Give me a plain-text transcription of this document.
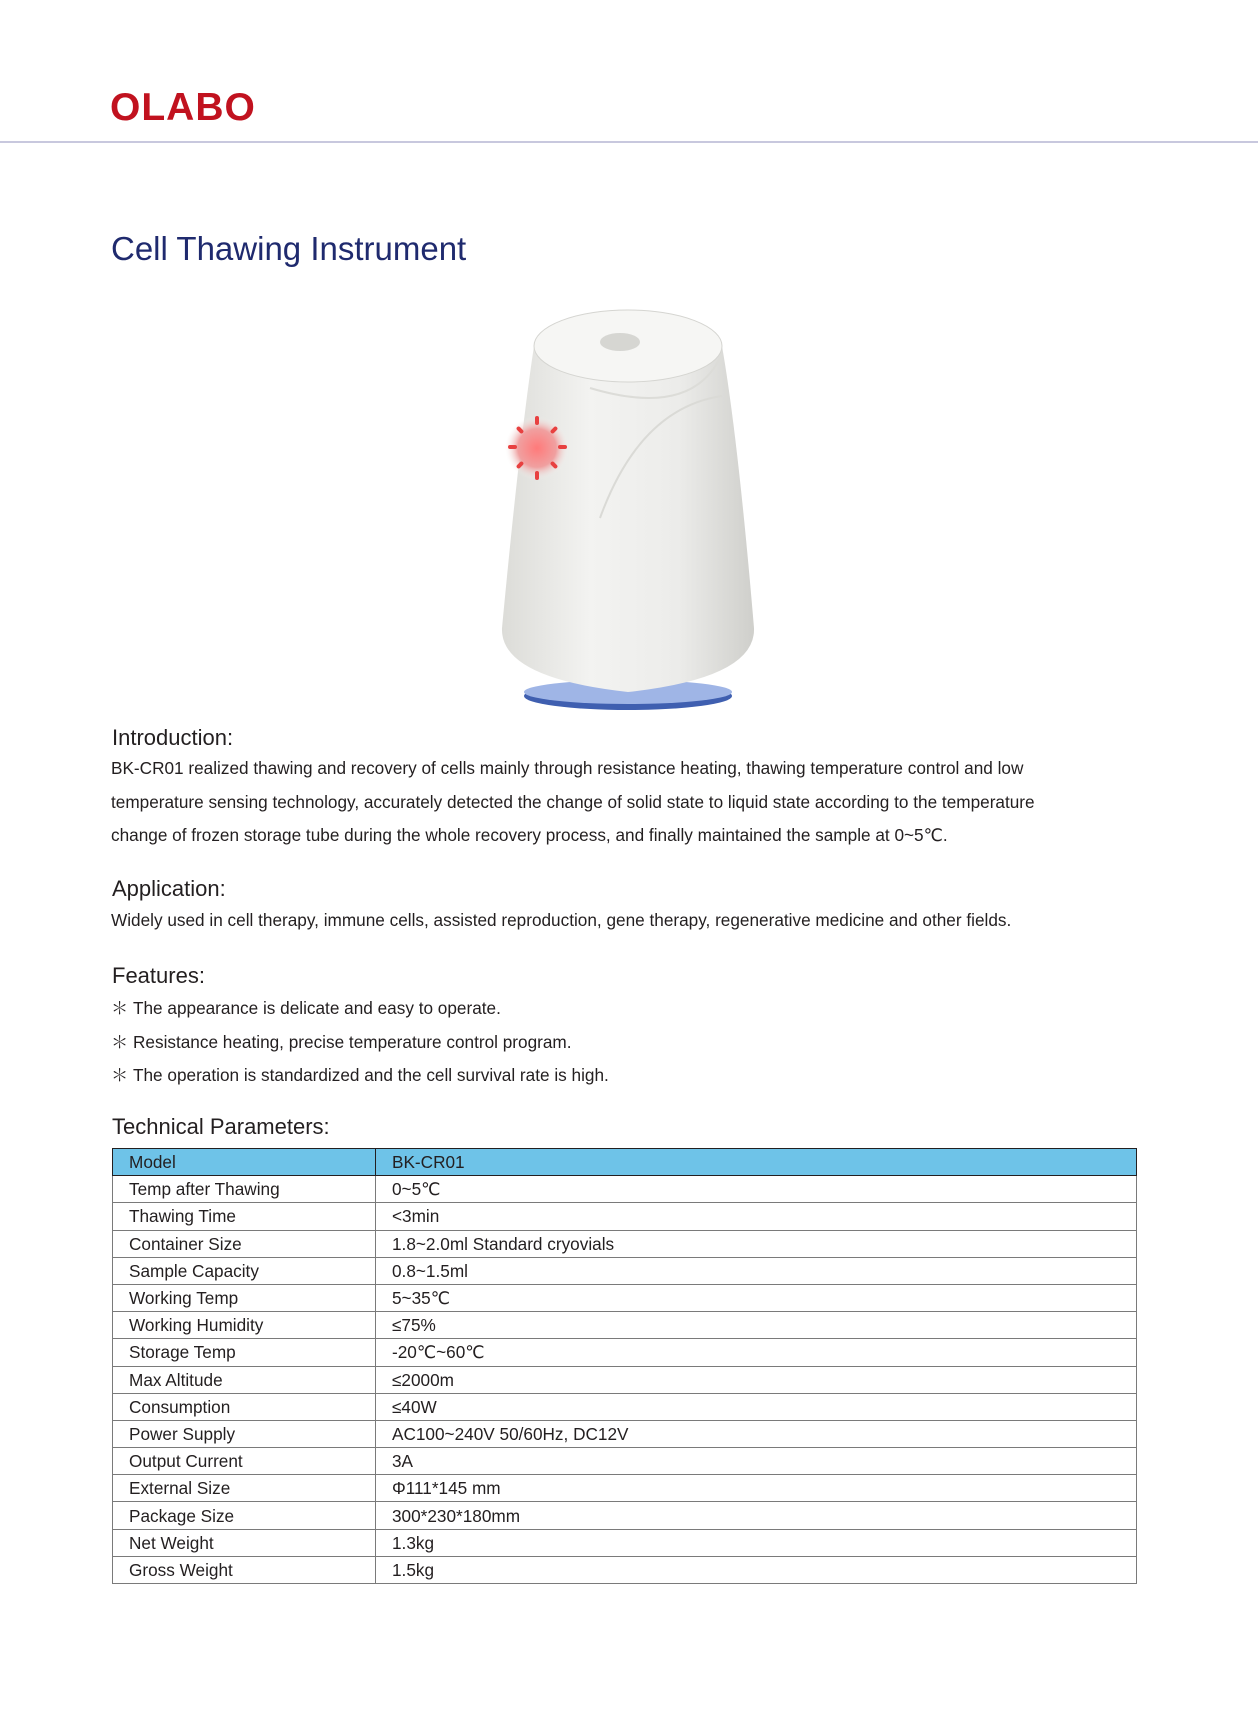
OLABO
Cell Thawing Instrument
Introduction:
BK-CR01 realized thawing and recovery of cells mainly through resistance heating, thawing temperature control and low
temperature sensing technology, accurately detected the change of solid state to liquid state according to the temperature
change of frozen storage tube during the whole recovery process, and finally maintained the sample at 0~5℃.
Application:
Widely used in cell therapy, immune cells, assisted reproduction, gene therapy, regenerative medicine and other fields.
Features:
＊ The appearance is delicate and easy to operate.
＊ Resistance heating, precise temperature control program.
＊ The operation is standardized and the cell survival rate is high.
Technical Parameters:
Model	BK-CR01
Temp after Thawing	0~5℃
Thawing Time	<3min
Container Size	1.8~2.0ml Standard cryovials
Sample Capacity	0.8~1.5ml
Working Temp	5~35℃
Working Humidity	≤75%
Storage Temp	-20℃~60℃
Max Altitude	≤2000m
Consumption	≤40W
Power Supply	AC100~240V 50/60Hz, DC12V
Output Current	3A
External Size	Φ111*145 mm
Package Size	300*230*180mm
Net Weight	1.3kg
Gross Weight	1.5kg
